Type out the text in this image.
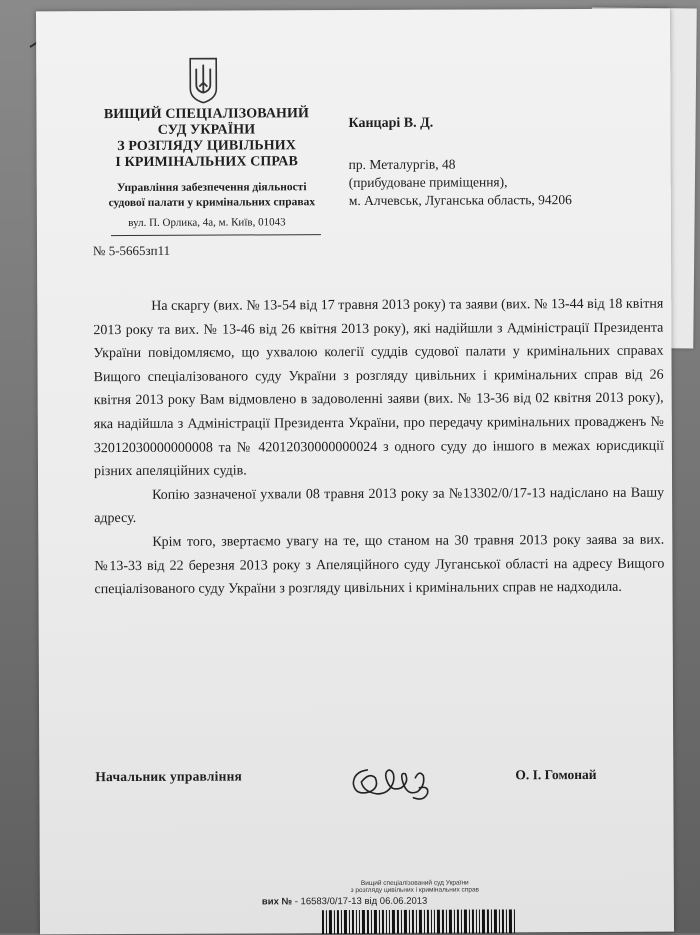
ВИЩИЙ СПЕЦІАЛІЗОВАНИЙ
СУД УКРАЇНИ
З РОЗГЛЯДУ ЦИВІЛЬНИХ
І КРИМІНАЛЬНИХ СПРАВ
Управління забезпечення діяльності
судової палати у кримінальних справах
вул. П. Орлика, 4а, м. Київ, 01043
№ 5-5665зп11
Канцарі В. Д.
пр. Металургів, 48
(прибудоване приміщення),
м. Алчевськ, Луганська область, 94206

На скаргу (вих. № 13-54 від 17 травня 2013 року) та заяви (вих. № 13-44 від 18 квітня 2013 року та вих. № 13-46 від 26 квітня 2013 року), які надійшли з Адміністрації Президента України повідомляємо, що ухвалою колегії суддів судової палати у кримінальних справах Вищого спеціалізованого суду України з розгляду цивільних і кримінальних справ від 26 квітня 2013 року Вам відмовлено в задоволенні заяви (вих. № 13-36 від 02 квітня 2013 року), яка надійшла з Адміністрації Президента України, про передачу кримінальних провадженъ № 32012030000000008 та № 42012030000000024 з одного суду до іншого в межах юрисдикції різних апеляційних судів.

Копію зазначеної ухвали 08 травня 2013 року за №13302/0/17-13 надіслано на Вашу адресу.

Крім того, звертаємо увагу на те, що станом на 30 травня 2013 року заява за вих. №13-33 від 22 березня 2013 року з Апеляційного суду Луганської області на адресу Вищого спеціалізованого суду України з розгляду цивільних і кримінальних справ не надходила.

Начальник управління	О. І. Гомонай
Вищий спеціалізований суд України
з розгляду цивільних і кримінальних справ
вих № - 16583/0/17-13 від 06.06.2013
